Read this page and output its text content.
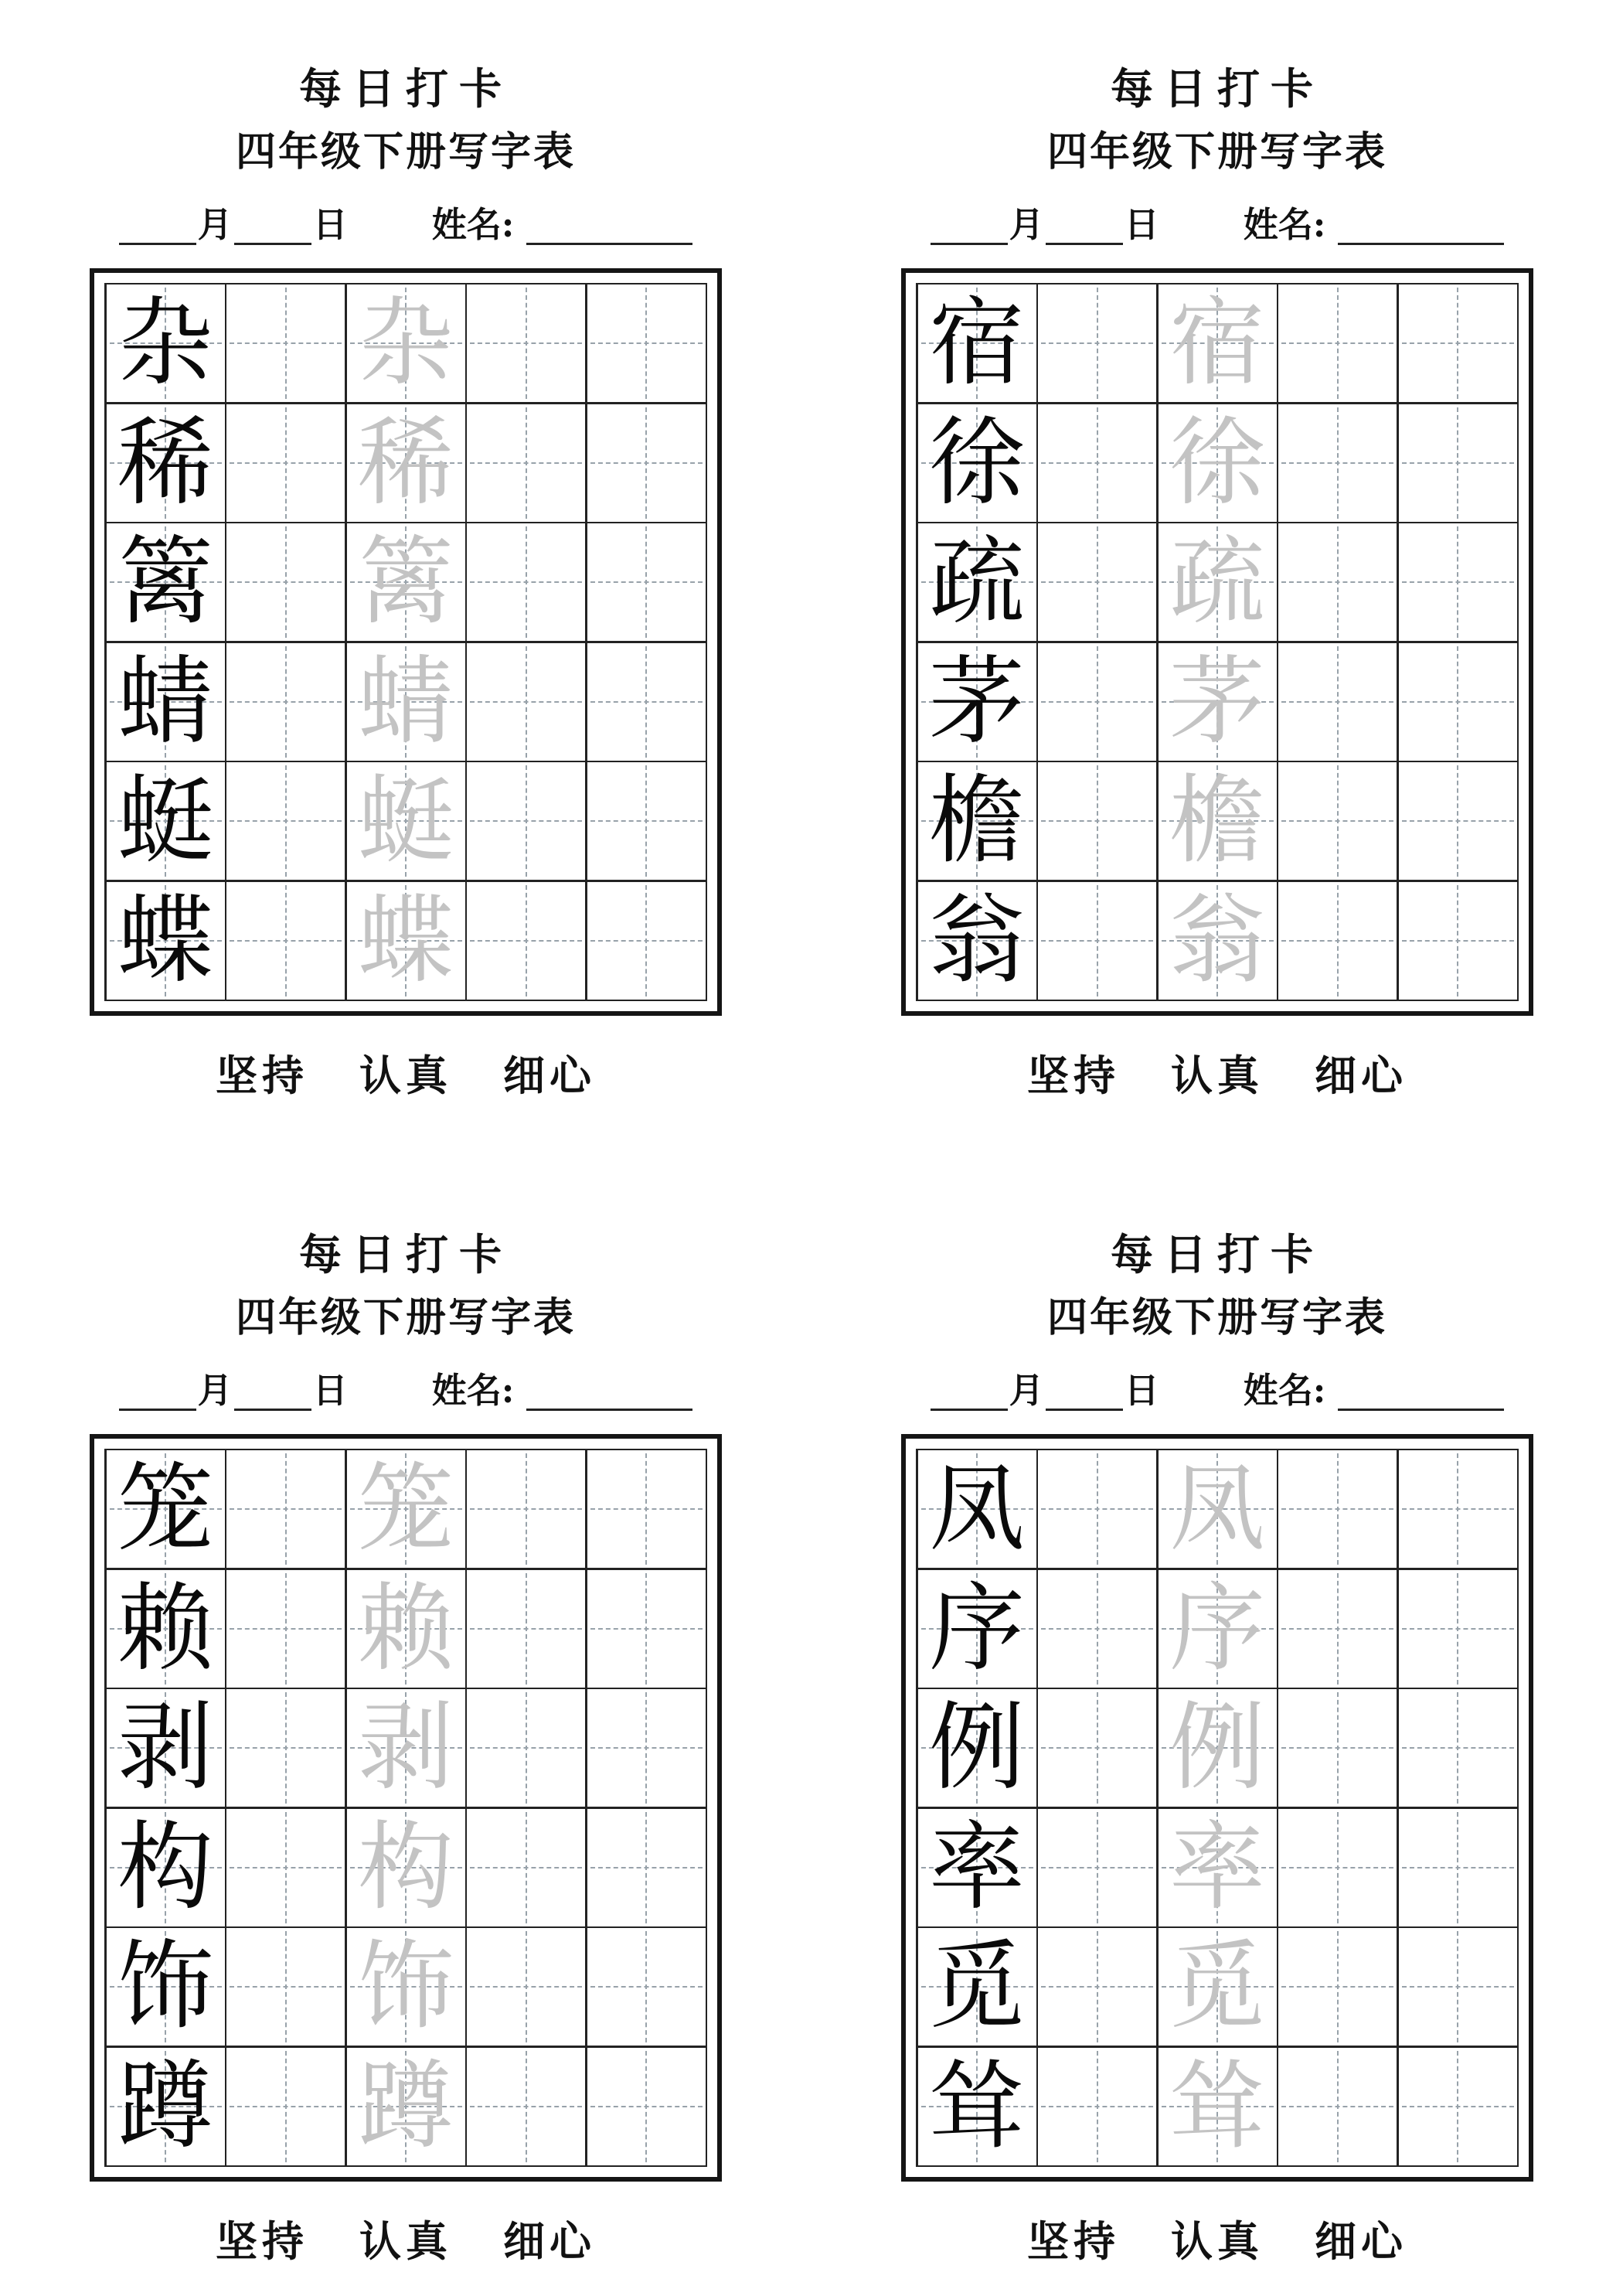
每日打卡
四年级下册写字表
月 日 姓名:
杂 杂
稀 稀
篱 篱
蜻 蜻
蜓 蜓
蝶 蝶
坚持 认真 细心
每日打卡
四年级下册写字表
月 日 姓名:
宿 宿
徐 徐
疏 疏
茅 茅
檐 檐
翁 翁
坚持 认真 细心
每日打卡
四年级下册写字表
月 日 姓名:
笼 笼
赖 赖
剥 剥
构 构
饰 饰
蹲 蹲
坚持 认真 细心
每日打卡
四年级下册写字表
月 日 姓名:
凤 凤
序 序
例 例
率 率
觅 觅
耸 耸
坚持 认真 细心
